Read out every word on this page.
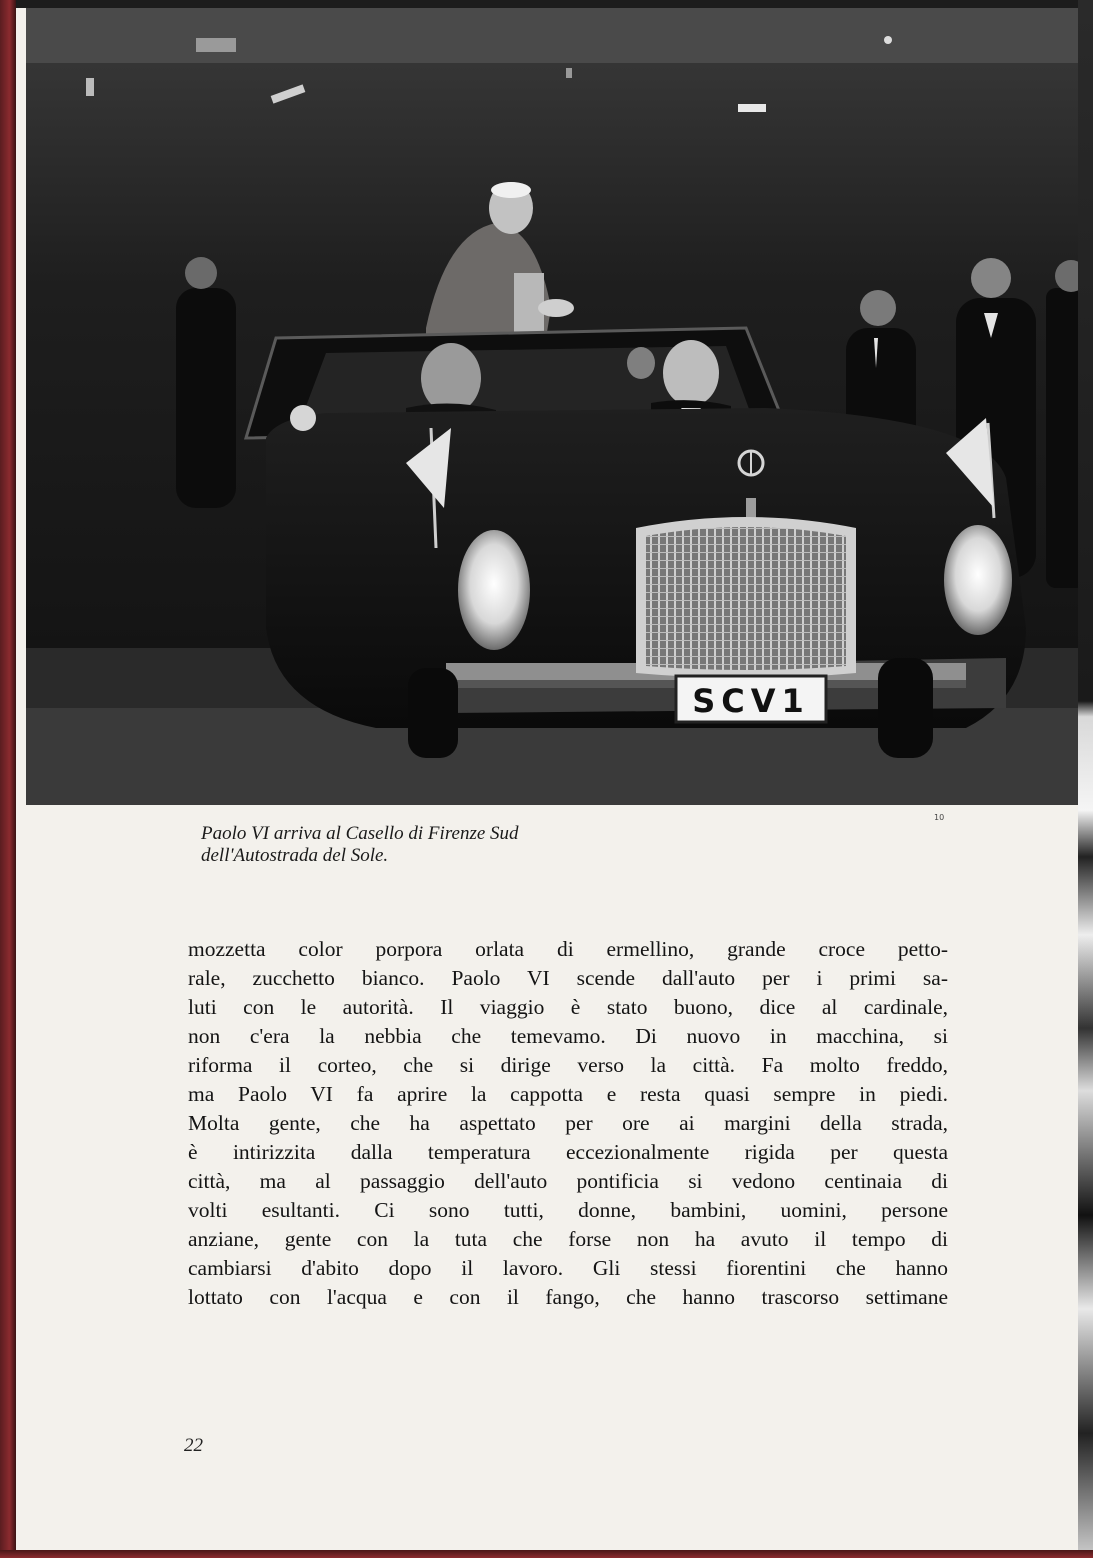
SCV1
10
Paolo VI arriva al Casello di Firenze Sud
dell'Autostrada del Sole.
mozzetta color porpora orlata di ermellino, grande croce petto-
rale, zucchetto bianco. Paolo VI scende dall'auto per i primi sa-
luti con le autorità. Il viaggio è stato buono, dice al cardinale,
non c'era la nebbia che temevamo. Di nuovo in macchina, si
riforma il corteo, che si dirige verso la città. Fa molto freddo,
ma Paolo VI fa aprire la cappotta e resta quasi sempre in piedi.
Molta gente, che ha aspettato per ore ai margini della strada,
è intirizzita dalla temperatura eccezionalmente rigida per questa
città, ma al passaggio dell'auto pontificia si vedono centinaia di
volti esultanti. Ci sono tutti, donne, bambini, uomini, persone
anziane, gente con la tuta che forse non ha avuto il tempo di
cambiarsi d'abito dopo il lavoro. Gli stessi fiorentini che hanno
lottato con l'acqua e con il fango, che hanno trascorso settimane
22
